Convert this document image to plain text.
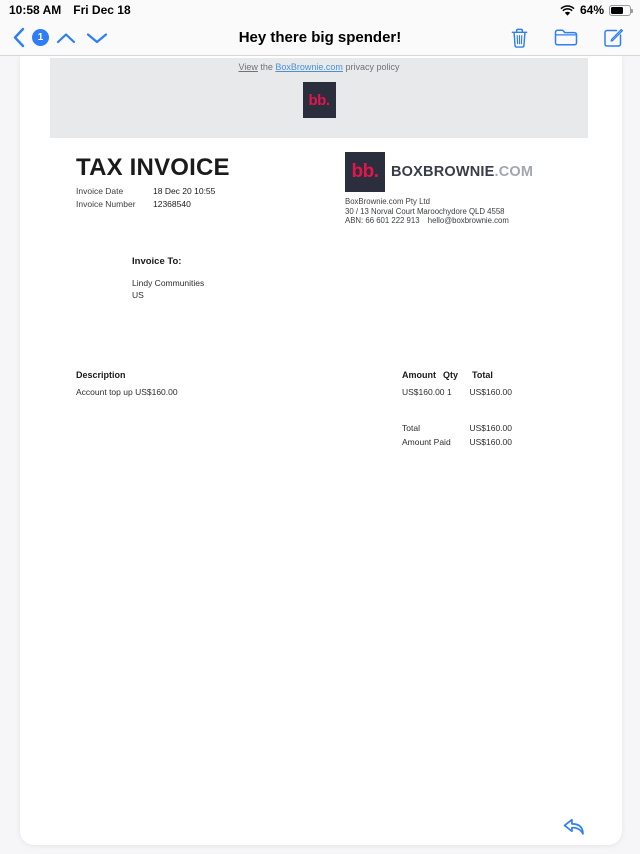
10:58 AM Fri Dec 18	64%
1	Hey there big spender!
View the BoxBrownie.com privacy policy
bb.
TAX INVOICE
Invoice Date	18 Dec 20 10:55
Invoice Number 12368540
bb. BOXBROWNIE.COM
BoxBrownie.com Pty Ltd
30 / 13 Norval Court Maroochydore QLD 4558
ABN: 66 601 222 913 hello@boxbrownie.com
Invoice To:
Lindy Communities
US
Description	Amount Qty Total
Account top up US$160.00	US$160.00 1	US$160.00
Total	US$160.00
Amount Paid	US$160.00
